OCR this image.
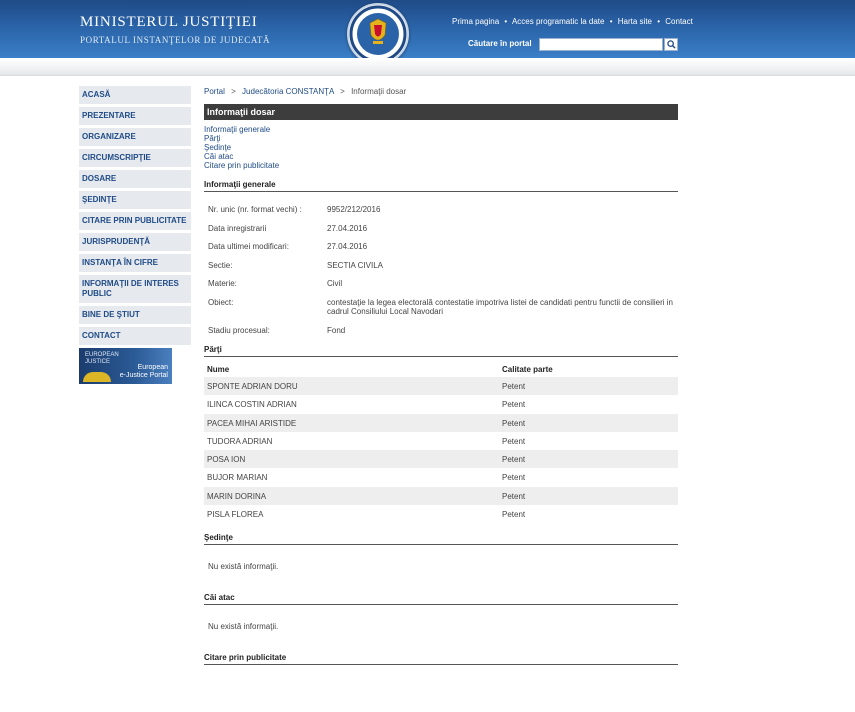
MINISTERUL JUSTIŢIEI
PORTALUL INSTANŢELOR DE JUDECATĂ
Prima pagina • Acces programatic la date • Harta site • Contact
Căutare în portal
ACASĂ
PREZENTARE
ORGANIZARE
CIRCUMSCRIPŢIE
DOSARE
ŞEDINŢE
CITARE PRIN PUBLICITATE
JURISPRUDENŢĂ
INSTANŢA ÎN CIFRE
INFORMAŢII DE INTERES PUBLIC
BINE DE ŞTIUT
CONTACT
EUROPEAN
JUSTICE
European
e-Justice Portal
Portal > Judecătoria CONSTANŢA > Informaţii dosar
Informaţii dosar
Informaţii generale
Părţi
Şedinţe
Căi atac
Citare prin publicitate
Informaţii generale
Nr. unic (nr. format vechi) :	9952/212/2016
Data inregistrarii	27.04.2016
Data ultimei modificari:	27.04.2016
Sectie:	SECTIA CIVILA
Materie:	Civil
Obiect:	contestaţie la legea electorală contestatie impotriva listei de candidati pentru functii de consilieri in cadrul Consiliului Local Navodari
Stadiu procesual:	Fond
Părţi
Nume	Calitate parte
SPONTE ADRIAN DORU	Petent
ILINCA COSTIN ADRIAN	Petent
PACEA MIHAI ARISTIDE	Petent
TUDORA ADRIAN	Petent
POSA ION	Petent
BUJOR MARIAN	Petent
MARIN DORINA	Petent
PISLA FLOREA	Petent
Şedinţe
Nu există informaţii.
Căi atac
Nu există informaţii.
Citare prin publicitate
